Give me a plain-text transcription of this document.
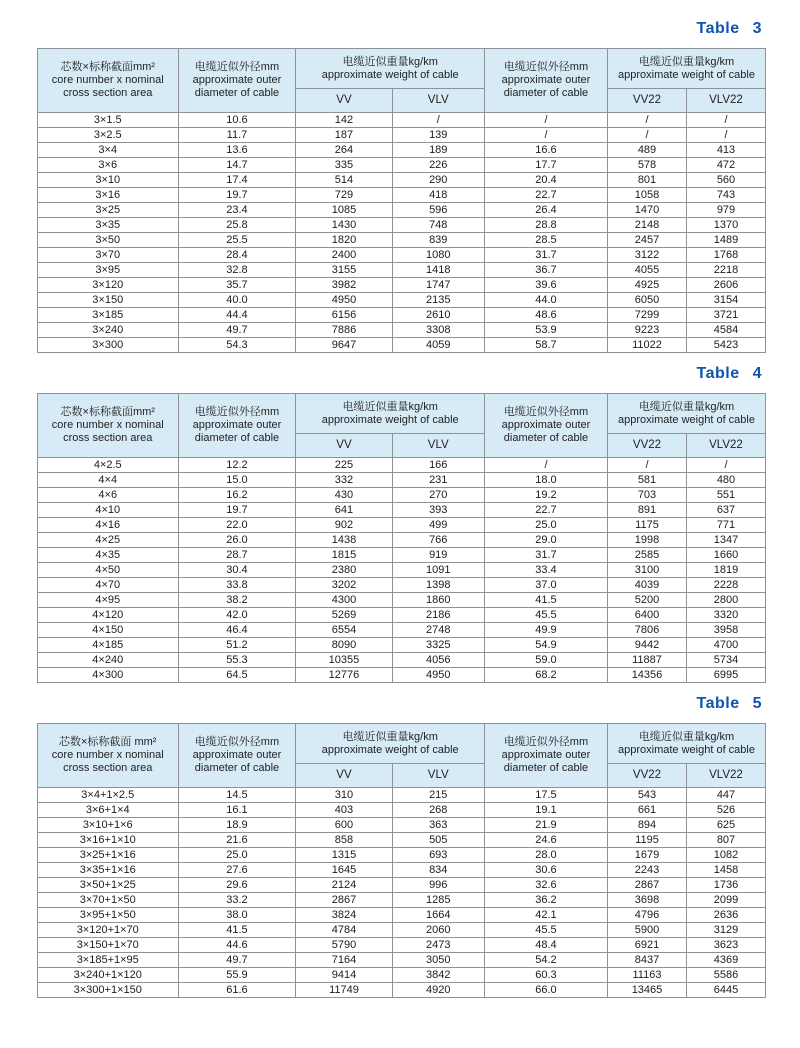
Table 3
芯数×标称截面mm²
core number x nominal
cross section area	电缆近似外径mm
approximate outer
diameter of cable	电缆近似重量kg/km
approximate weight of cable		电缆近似外径mm
approximate outer
diameter of cable	电缆近似重量kg/km
approximate weight of cable	

		VV	VLV		VV22	VLV22
3×1.5	10.6	142	/	/	/	/
3×2.5	11.7	187	139	/	/	/
3×4	13.6	264	189	16.6	489	413
3×6	14.7	335	226	17.7	578	472
3×10	17.4	514	290	20.4	801	560
3×16	19.7	729	418	22.7	1058	743
3×25	23.4	1085	596	26.4	1470	979
3×35	25.8	1430	748	28.8	2148	1370
3×50	25.5	1820	839	28.5	2457	1489
3×70	28.4	2400	1080	31.7	3122	1768
3×95	32.8	3155	1418	36.7	4055	2218
3×120	35.7	3982	1747	39.6	4925	2606
3×150	40.0	4950	2135	44.0	6050	3154
3×185	44.4	6156	2610	48.6	7299	3721
3×240	49.7	7886	3308	53.9	9223	4584
3×300	54.3	9647	4059	58.7	11022	5423
Table 4
芯数×标称截面mm²
core number x nominal
cross section area	电缆近似外径mm
approximate outer
diameter of cable	电缆近似重量kg/km
approximate weight of cable		电缆近似外径mm
approximate outer
diameter of cable	电缆近似重量kg/km
approximate weight of cable	

		VV	VLV		VV22	VLV22
4×2.5	12.2	225	166	/	/	/
4×4	15.0	332	231	18.0	581	480
4×6	16.2	430	270	19.2	703	551
4×10	19.7	641	393	22.7	891	637
4×16	22.0	902	499	25.0	1175	771
4×25	26.0	1438	766	29.0	1998	1347
4×35	28.7	1815	919	31.7	2585	1660
4×50	30.4	2380	1091	33.4	3100	1819
4×70	33.8	3202	1398	37.0	4039	2228
4×95	38.2	4300	1860	41.5	5200	2800
4×120	42.0	5269	2186	45.5	6400	3320
4×150	46.4	6554	2748	49.9	7806	3958
4×185	51.2	8090	3325	54.9	9442	4700
4×240	55.3	10355	4056	59.0	11887	5734
4×300	64.5	12776	4950	68.2	14356	6995
Table 5
芯数×标称截面 mm²
core number x nominal
cross section area	电缆近似外径mm
approximate outer
diameter of cable	电缆近似重量kg/km
approximate weight of cable		电缆近似外径mm
approximate outer
diameter of cable	电缆近似重量kg/km
approximate weight of cable	

		VV	VLV		VV22	VLV22
3×4+1×2.5	14.5	310	215	17.5	543	447
3×6+1×4	16.1	403	268	19.1	661	526
3×10+1×6	18.9	600	363	21.9	894	625
3×16+1×10	21.6	858	505	24.6	1195	807
3×25+1×16	25.0	1315	693	28.0	1679	1082
3×35+1×16	27.6	1645	834	30.6	2243	1458
3×50+1×25	29.6	2124	996	32.6	2867	1736
3×70+1×50	33.2	2867	1285	36.2	3698	2099
3×95+1×50	38.0	3824	1664	42.1	4796	2636
3×120+1×70	41.5	4784	2060	45.5	5900	3129
3×150+1×70	44.6	5790	2473	48.4	6921	3623
3×185+1×95	49.7	7164	3050	54.2	8437	4369
3×240+1×120	55.9	9414	3842	60.3	11163	5586
3×300+1×150	61.6	11749	4920	66.0	13465	6445
